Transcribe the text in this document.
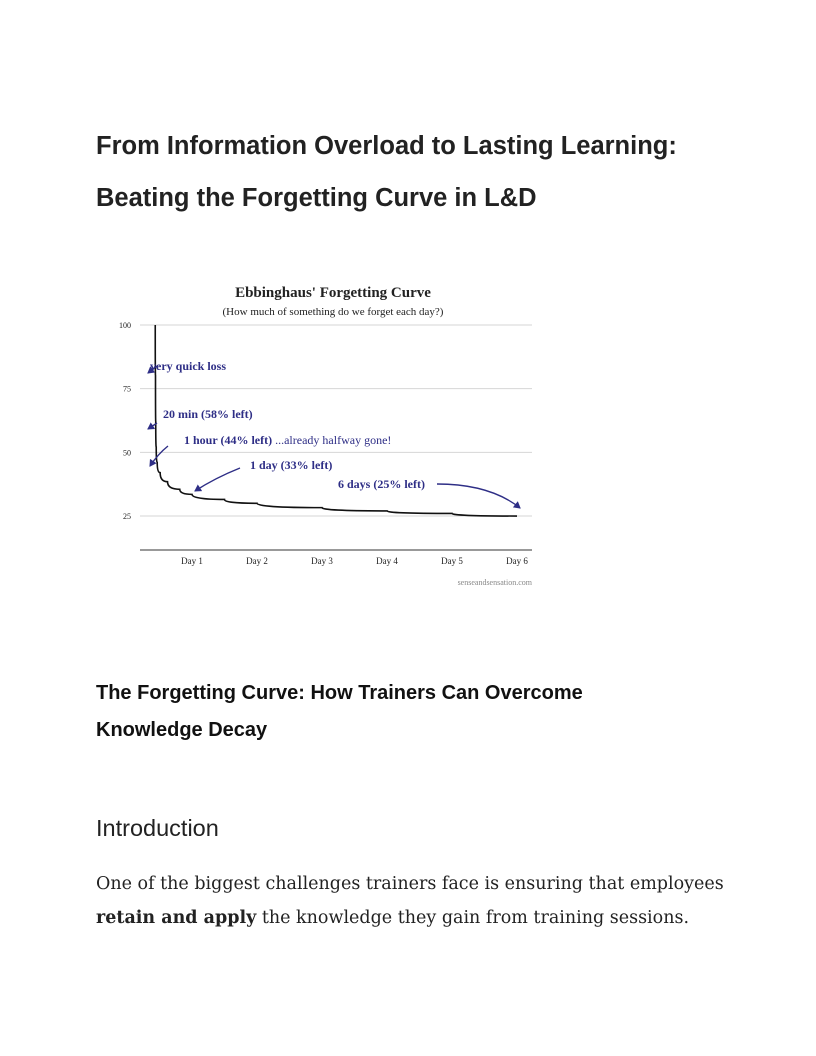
From Information Overload to Lasting Learning:
Beating the Forgetting Curve in L&D
Ebbinghaus' Forgetting Curve
(How much of something do we forget each day?)
100
75
50
25
Day 1	Day 2	Day 3	Day 4	Day 5	Day 6
very quick loss
20 min (58% left)
1 hour (44% left) ...already halfway gone!
1 day (33% left)
6 days (25% left)
senseandsensation.com
The Forgetting Curve: How Trainers Can Overcome
Knowledge Decay
Introduction
One of the biggest challenges trainers face is ensuring that employees
retain and apply the knowledge they gain from training sessions.
